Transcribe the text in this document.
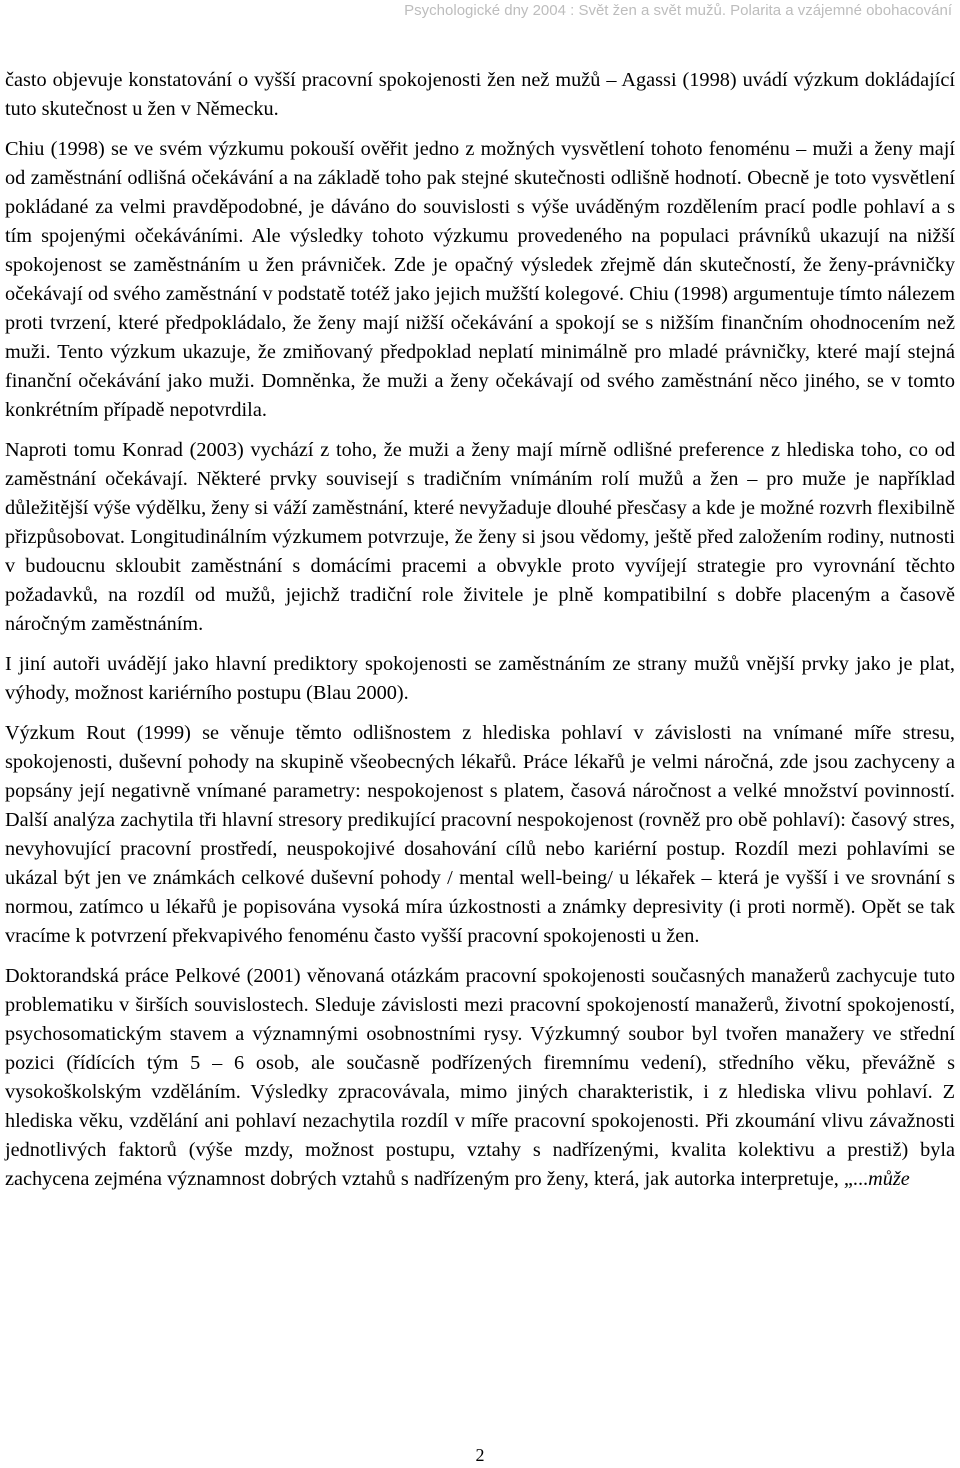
Psychologické dny 2004 : Svět žen a svět mužů. Polarita a vzájemné obohacování

často objevuje konstatování o vyšší pracovní spokojenosti žen než mužů – Agassi (1998) uvádí výzkum dokládající tuto skutečnost u žen v Německu.

Chiu (1998) se ve svém výzkumu pokouší ověřit jedno z možných vysvětlení tohoto fenoménu – muži a ženy mají od zaměstnání odlišná očekávání a na základě toho pak stejné skutečnosti odlišně hodnotí. Obecně je toto vysvětlení pokládané za velmi pravděpodobné, je dáváno do souvislosti s výše uváděným rozdělením prací podle pohlaví a s tím spojenými očekáváními. Ale výsledky tohoto výzkumu provedeného na populaci právníků ukazují na nižší spokojenost se zaměstnáním u žen právniček. Zde je opačný výsledek zřejmě dán skutečností, že ženy-právničky očekávají od svého zaměstnání v podstatě totéž jako jejich mužští kolegové. Chiu (1998) argumentuje tímto nálezem proti tvrzení, které předpokládalo, že ženy mají nižší očekávání a spokojí se s nižším finančním ohodnocením než muži. Tento výzkum ukazuje, že zmiňovaný předpoklad neplatí minimálně pro mladé právničky, které mají stejná finanční očekávání jako muži. Domněnka, že muži a ženy očekávají od svého zaměstnání něco jiného, se v tomto konkrétním případě nepotvrdila.

Naproti tomu Konrad (2003) vychází z toho, že muži a ženy mají mírně odlišné preference z hlediska toho, co od zaměstnání očekávají. Některé prvky souvisejí s tradičním vnímáním rolí mužů a žen – pro muže je například důležitější výše výdělku, ženy si váží zaměstnání, které nevyžaduje dlouhé přesčasy a kde je možné rozvrh flexibilně přizpůsobovat. Longitudinálním výzkumem potvrzuje, že ženy si jsou vědomy, ještě před založením rodiny, nutnosti v budoucnu skloubit zaměstnání s domácími pracemi a obvykle proto vyvíjejí strategie pro vyrovnání těchto požadavků, na rozdíl od mužů, jejichž tradiční role živitele je plně kompatibilní s dobře placeným a časově náročným zaměstnáním.

I jiní autoři uvádějí jako hlavní prediktory spokojenosti se zaměstnáním ze strany mužů vnější prvky jako je plat, výhody, možnost kariérního postupu (Blau 2000).

Výzkum Rout (1999) se věnuje těmto odlišnostem z hlediska pohlaví v závislosti na vnímané míře stresu, spokojenosti, duševní pohody na skupině všeobecných lékařů. Práce lékařů je velmi náročná, zde jsou zachyceny a popsány její negativně vnímané parametry: nespokojenost s platem, časová náročnost a velké množství povinností. Další analýza zachytila tři hlavní stresory predikující pracovní nespokojenost (rovněž pro obě pohlaví): časový stres, nevyhovující pracovní prostředí, neuspokojivé dosahování cílů nebo kariérní postup. Rozdíl mezi pohlavími se ukázal být jen ve známkách celkové duševní pohody / mental well-being/ u lékařek – která je vyšší i ve srovnání s normou, zatímco u lékařů je popisována vysoká míra úzkostnosti a známky depresivity (i proti normě). Opět se tak vracíme k potvrzení překvapivého fenoménu často vyšší pracovní spokojenosti u žen.

Doktorandská práce Pelkové (2001) věnovaná otázkám pracovní spokojenosti současných manažerů zachycuje tuto problematiku v širších souvislostech. Sleduje závislosti mezi pracovní spokojeností manažerů, životní spokojeností, psychosomatickým stavem a významnými osobnostními rysy. Výzkumný soubor byl tvořen manažery ve střední pozici (řídících tým 5 – 6 osob, ale současně podřízených firemnímu vedení), středního věku, převážně s vysokoškolským vzděláním. Výsledky zpracovávala, mimo jiných charakteristik, i z hlediska vlivu pohlaví. Z hlediska věku, vzdělání ani pohlaví nezachytila rozdíl v míře pracovní spokojenosti. Při zkoumání vlivu závažnosti jednotlivých faktorů (výše mzdy, možnost postupu, vztahy s nadřízenými, kvalita kolektivu a prestiž) byla zachycena zejména významnost dobrých vztahů s nadřízeným pro ženy, která, jak autorka interpretuje, „...může

2
